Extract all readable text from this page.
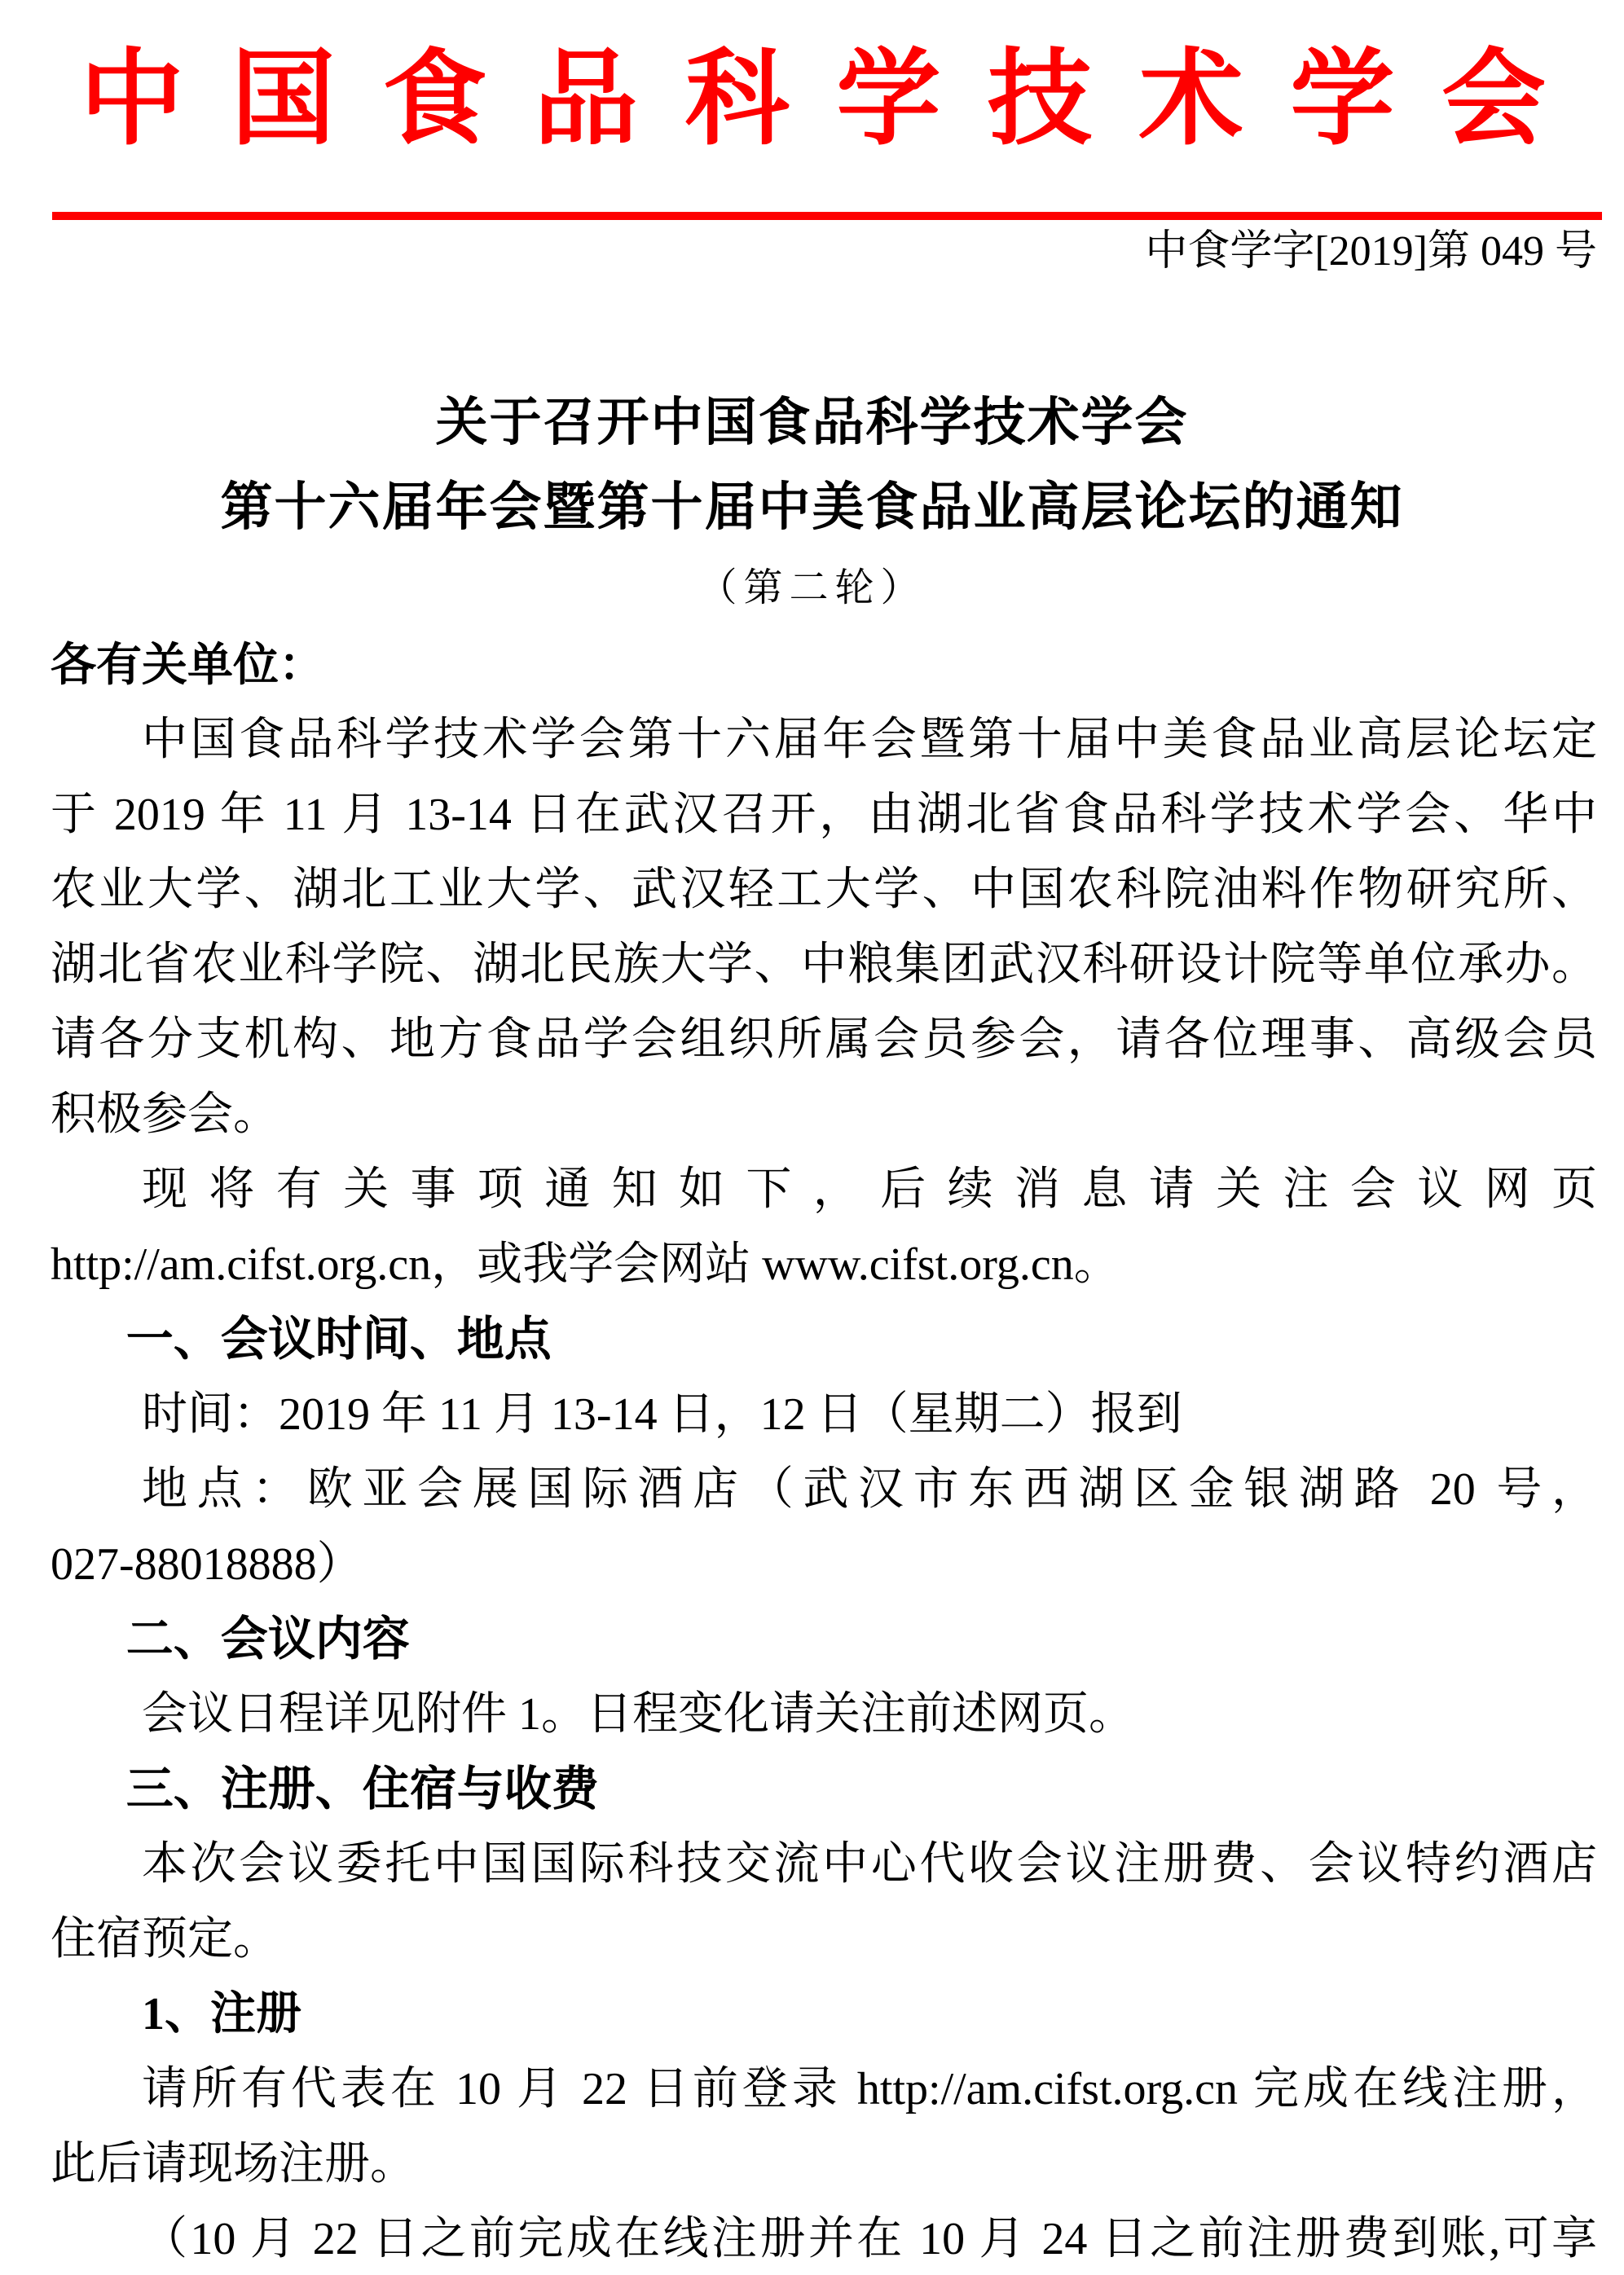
中国食品科学技术学会
中食学字[2019]第 049 号
关于召开中国食品科学技术学会
第十六届年会暨第十届中美食品业高层论坛的通知
（第二轮）
各有关单位：
中国食品科学技术学会第十六届年会暨第十届中美食品业高层论坛定
于 2019 年 11 月 13-14 日在武汉召开，由湖北省食品科学技术学会、华中
农业大学、湖北工业大学、武汉轻工大学、中国农科院油料作物研究所、
湖北省农业科学院、湖北民族大学、中粮集团武汉科研设计院等单位承办。
请各分支机构、地方食品学会组织所属会员参会，请各位理事、高级会员
积极参会。
现将有关事项通知如下，后续消息请关注会议网页
http://am.cifst.org.cn，或我学会网站 www.cifst.org.cn。
一、会议时间、地点
时间：2019 年 11 月 13-14 日，12 日（星期二）报到
地点：欧亚会展国际酒店（武汉市东西湖区金银湖路 20 号，
027-88018888）
二、会议内容
会议日程详见附件 1。日程变化请关注前述网页。
三、注册、住宿与收费
本次会议委托中国国际科技交流中心代收会议注册费、会议特约酒店
住宿预定。
1、注册
请所有代表在 10 月 22 日前登录 http://am.cifst.org.cn 完成在线注册，
此后请现场注册。
（10 月 22 日之前完成在线注册并在 10 月 24 日之前注册费到账,可享
